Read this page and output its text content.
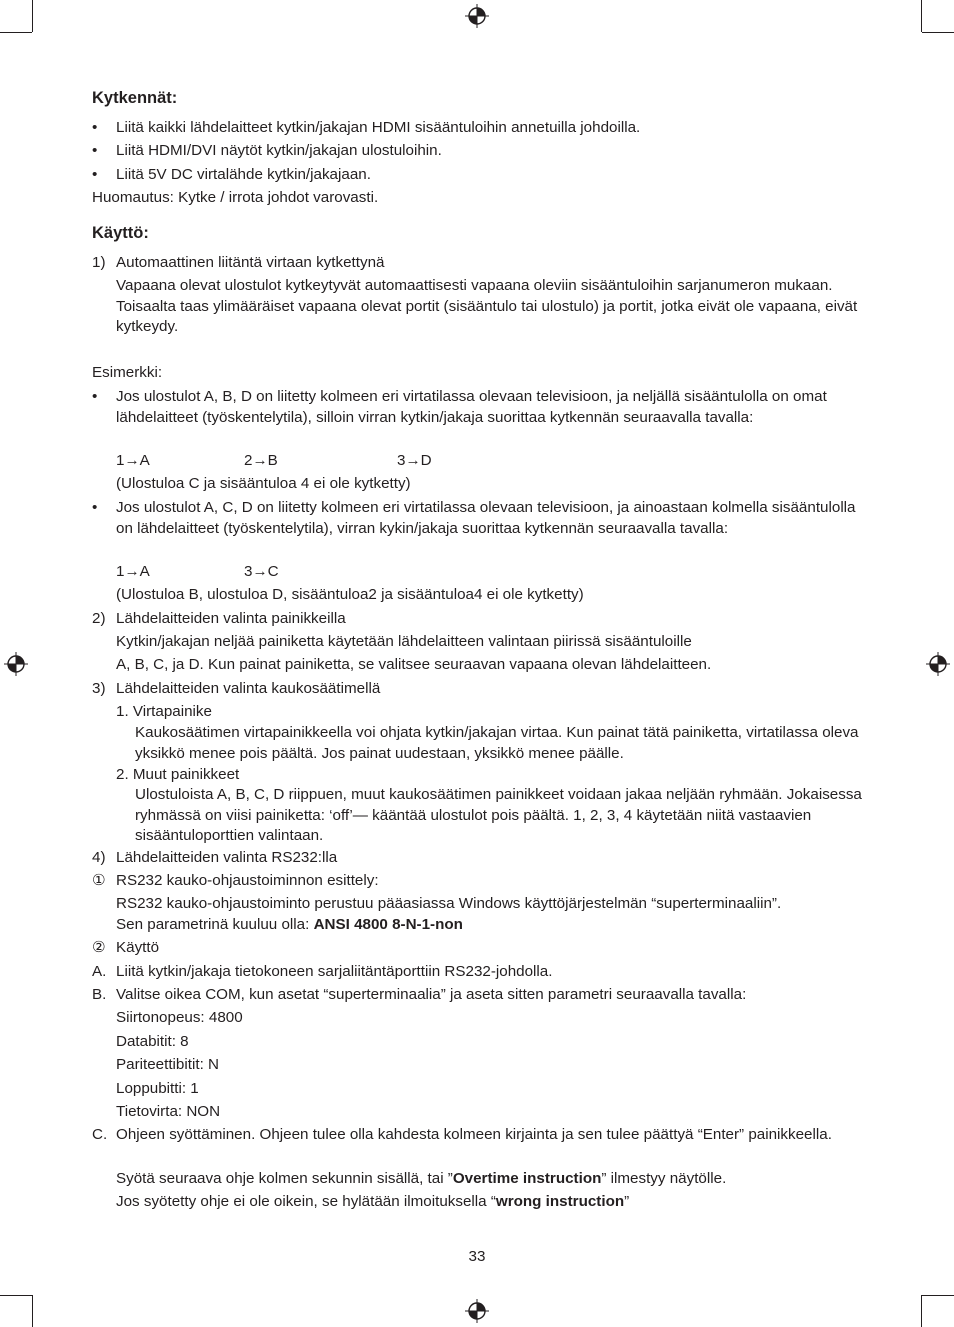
Kytkennät:
• Liitä kaikki lähdelaitteet kytkin/jakajan HDMI sisääntuloihin annetuilla johdoilla.
• Liitä HDMI/DVI näytöt kytkin/jakajan ulostuloihin.
• Liitä 5V DC virtalähde kytkin/jakajaan.
Huomautus: Kytke / irrota johdot varovasti.
Käyttö:
1) Automaattinen liitäntä virtaan kytkettynä
Vapaana olevat ulostulot kytkeytyvät automaattisesti vapaana oleviin sisääntuloihin sarjanumeron mukaan. Toisaalta taas ylimääräiset vapaana olevat portit (sisääntulo tai ulostulo) ja portit, jotka eivät ole vapaana, eivät kytkeydy.
Esimerkki:
• Jos ulostulot A, B, D on liitetty kolmeen eri virtatilassa olevaan televisioon, ja neljällä sisääntulolla on omat lähdelaitteet (työskentelytila), silloin virran kytkin/jakaja suorittaa kytkennän seuraavalla tavalla:
1→A	2→B	3→D
(Ulostuloa C ja sisääntuloa 4 ei ole kytketty)
• Jos ulostulot A, C, D on liitetty kolmeen eri virtatilassa olevaan televisioon, ja ainoastaan kolmella sisääntulolla on lähdelaitteet (työskentelytila), virran kykin/jakaja suorittaa kytkennän seuraavalla tavalla:
1→A	3→C
(Ulostuloa B, ulostuloa D, sisääntuloa2 ja sisääntuloa4 ei ole kytketty)
2) Lähdelaitteiden valinta painikkeilla
Kytkin/jakajan neljää painiketta käytetään lähdelaitteen valintaan piirissä sisääntuloille
A, B, C, ja D. Kun painat painiketta, se valitsee seuraavan vapaana olevan lähdelaitteen.
3) Lähdelaitteiden valinta kaukosäätimellä
1. Virtapainike
Kaukosäätimen virtapainikkeella voi ohjata kytkin/jakajan virtaa. Kun painat tätä painiketta, virtatilassa oleva yksikkö menee pois päältä. Jos painat uudestaan, yksikkö menee päälle.
2. Muut painikkeet
Ulostuloista A, B, C, D riippuen, muut kaukosäätimen painikkeet voidaan jakaa neljään ryhmään. Jokaisessa ryhmässä on viisi painiketta: ‘off’— kääntää ulostulot pois päältä. 1, 2, 3, 4 käytetään niitä vastaavien sisääntuloporttien valintaan.
4) Lähdelaitteiden valinta RS232:lla
① RS232 kauko-ohjaustoiminnon esittely:
RS232 kauko-ohjaustoiminto perustuu pääasiassa Windows käyttöjärjestelmän “superterminaaliin”.
Sen parametrinä kuuluu olla: ANSI 4800 8-N-1-non
② Käyttö
A. Liitä kytkin/jakaja tietokoneen sarjaliitäntäporttiin RS232-johdolla.
B. Valitse oikea COM, kun asetat “superterminaalia” ja aseta sitten parametri seuraavalla tavalla:
Siirtonopeus: 4800
Databitit: 8
Pariteettibitit: N
Loppubitti: 1
Tietovirta: NON
C. Ohjeen syöttäminen. Ohjeen tulee olla kahdesta kolmeen kirjainta ja sen tulee päättyä “Enter” painikkeella.
Syötä seuraava ohje kolmen sekunnin sisällä, tai ”Overtime instruction” ilmestyy näytölle.
Jos syötetty ohje ei ole oikein, se hylätään ilmoituksella “wrong instruction”
33
